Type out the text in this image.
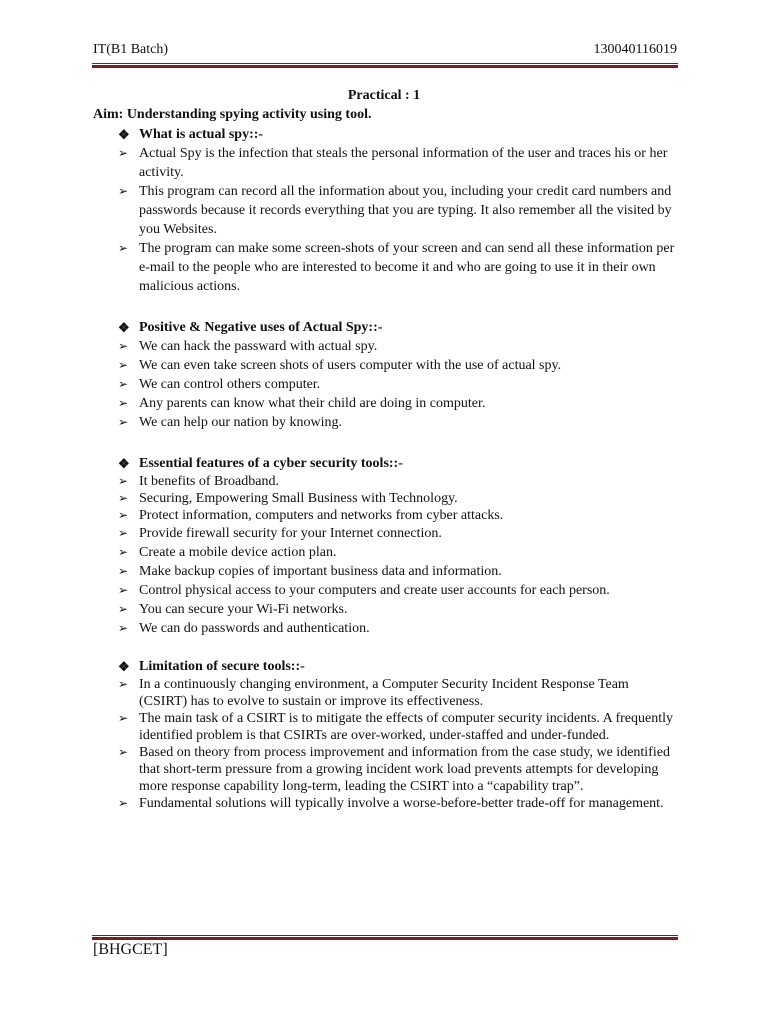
IT(B1 Batch)	130040116019
Practical : 1
Aim: Understanding spying activity using tool.
❖ What is actual spy::-
➢ Actual Spy is the infection that steals the personal information of the user and traces his or her activity.
➢ This program can record all the information about you, including your credit card numbers and passwords because it records everything that you are typing. It also remember all the visited by you Websites.
➢ The program can make some screen-shots of your screen and can send all these information per e-mail to the people who are interested to become it and who are going to use it in their own malicious actions.
❖ Positive & Negative uses of Actual Spy::-
➢ We can hack the passward with actual spy.
➢ We can even take screen shots of users computer with the use of actual spy.
➢ We can control others computer.
➢ Any parents can know what their child are doing in computer.
➢ We can help our nation by knowing.
❖ Essential features of a cyber security tools::-
➢ It benefits of Broadband.
➢ Securing, Empowering Small Business with Technology.
➢ Protect information, computers and networks from cyber attacks.
➢ Provide firewall security for your Internet connection.
➢ Create a mobile device action plan.
➢ Make backup copies of important business data and information.
➢ Control physical access to your computers and create user accounts for each person.
➢ You can secure your Wi-Fi networks.
➢ We can do passwords and authentication.
❖ Limitation of secure tools::-
➢ In a continuously changing environment, a Computer Security Incident Response Team (CSIRT) has to evolve to sustain or improve its effectiveness.
➢ The main task of a CSIRT is to mitigate the effects of computer security incidents. A frequently identified problem is that CSIRTs are over-worked, under-staffed and under-funded.
➢ Based on theory from process improvement and information from the case study, we identified that short-term pressure from a growing incident work load prevents attempts for developing more response capability long-term, leading the CSIRT into a “capability trap”.
➢ Fundamental solutions will typically involve a worse-before-better trade-off for management.
[BHGCET]
